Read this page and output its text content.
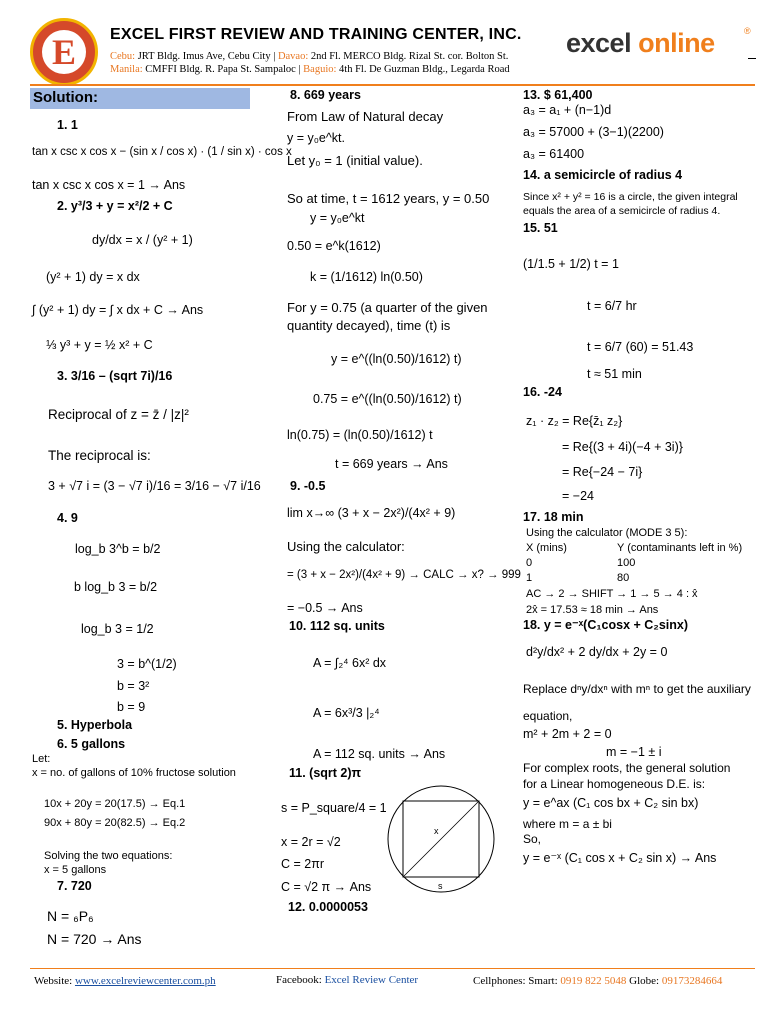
E	EXCEL FIRST REVIEW AND TRAINING CENTER, INC.
Cebu: JRT Bldg. Imus Ave, Cebu City | Davao: 2nd Fl. MERCO Bldg. Rizal St. cor. Bolton St.
Manila: CMFFI Bldg. R. Papa St. Sampaloc | Baguio: 4th Fl. De Guzman Bldg., Legarda Road
excel online	®
Solution:
1. 1
tan x csc x cos x − (sin x / cos x) · (1 / sin x) · cos x
tan x csc x cos x = 1 → Ans
2. y³/3 + y = x²/2 + C
dy/dx = x / (y² + 1)
(y² + 1) dy = x dx
∫ (y² + 1) dy = ∫ x dx + C → Ans
⅓ y³ + y = ½ x² + C
3. 3/16 – (sqrt 7i)/16
Reciprocal of z = z̄ / |z|²
The reciprocal is:
3 + √7 i = (3 − √7 i)/16 = 3/16 − √7 i/16
4. 9
log_b 3^b = b/2
b log_b 3 = b/2
log_b 3 = 1/2
3 = b^(1/2)
b = 3²
b = 9
5. Hyperbola
6. 5 gallons
Let:
x = no. of gallons of 10% fructose solution
10x + 20y = 20(17.5) → Eq.1
90x + 80y = 20(82.5) → Eq.2
Solving the two equations:
x = 5 gallons
7. 720
N = ₆P₆
N = 720 → Ans
8. 669 years
From Law of Natural decay
y = y₀e^kt.
Let y₀ = 1 (initial value).
So at time, t = 1612 years, y = 0.50
y = y₀e^kt
0.50 = e^k(1612)
k = (1/1612) ln(0.50)
For y = 0.75 (a quarter of the given
quantity decayed), time (t) is
y = e^((ln(0.50)/1612) t)
0.75 = e^((ln(0.50)/1612) t)
ln(0.75) = (ln(0.50)/1612) t
t = 669 years → Ans
9. -0.5
lim x→∞ (3 + x − 2x²)/(4x² + 9)
Using the calculator:
= (3 + x − 2x²)/(4x² + 9) → CALC → x? → 999
= −0.5 → Ans
10. 112 sq. units
A = ∫₂⁴ 6x² dx
A = 6x³/3 |₂⁴
A = 112 sq. units → Ans
11. (sqrt 2)π
s = P_square/4 = 1
x = 2r = √2
C = 2πr
C = √2 π → Ans
x
s
12. 0.0000053
13. $ 61,400
a₃ = a₁ + (n−1)d
a₃ = 57000 + (3−1)(2200)
a₃ = 61400
14. a semicircle of radius 4
Since x² + y² = 16 is a circle, the given integral
equals the area of a semicircle of radius 4.
15. 51
(1/1.5 + 1/2) t = 1
t = 6/7 hr
t = 6/7 (60) = 51.43
t ≈ 51 min
16. -24
z₁ · z₂ = Re{z̄₁ z₂}
= Re{(3 + 4i)(−4 + 3i)}
= Re{−24 − 7i}
= −24
17. 18 min
Using the calculator (MODE 3 5):
X (mins)	Y (contaminants left in %)
0	100
1	80
AC → 2 → SHIFT → 1 → 5 → 4 : x̂
2x̂ = 17.53 ≈ 18 min → Ans
18. y = e⁻ˣ(C₁cosx + C₂sinx)
d²y/dx² + 2 dy/dx + 2y = 0
Replace dⁿy/dxⁿ with mⁿ to get the auxiliary
equation,
m² + 2m + 2 = 0
m = −1 ± i
For complex roots, the general solution
for a Linear homogeneous D.E. is:
y = e^ax (C₁ cos bx + C₂ sin bx)
where m = a ± bi
So,
y = e⁻ˣ (C₁ cos x + C₂ sin x) → Ans
Website: www.excelreviewcenter.com.ph	Facebook: Excel Review Center	Cellphones: Smart: 0919 822 5048 Globe: 09173284664
